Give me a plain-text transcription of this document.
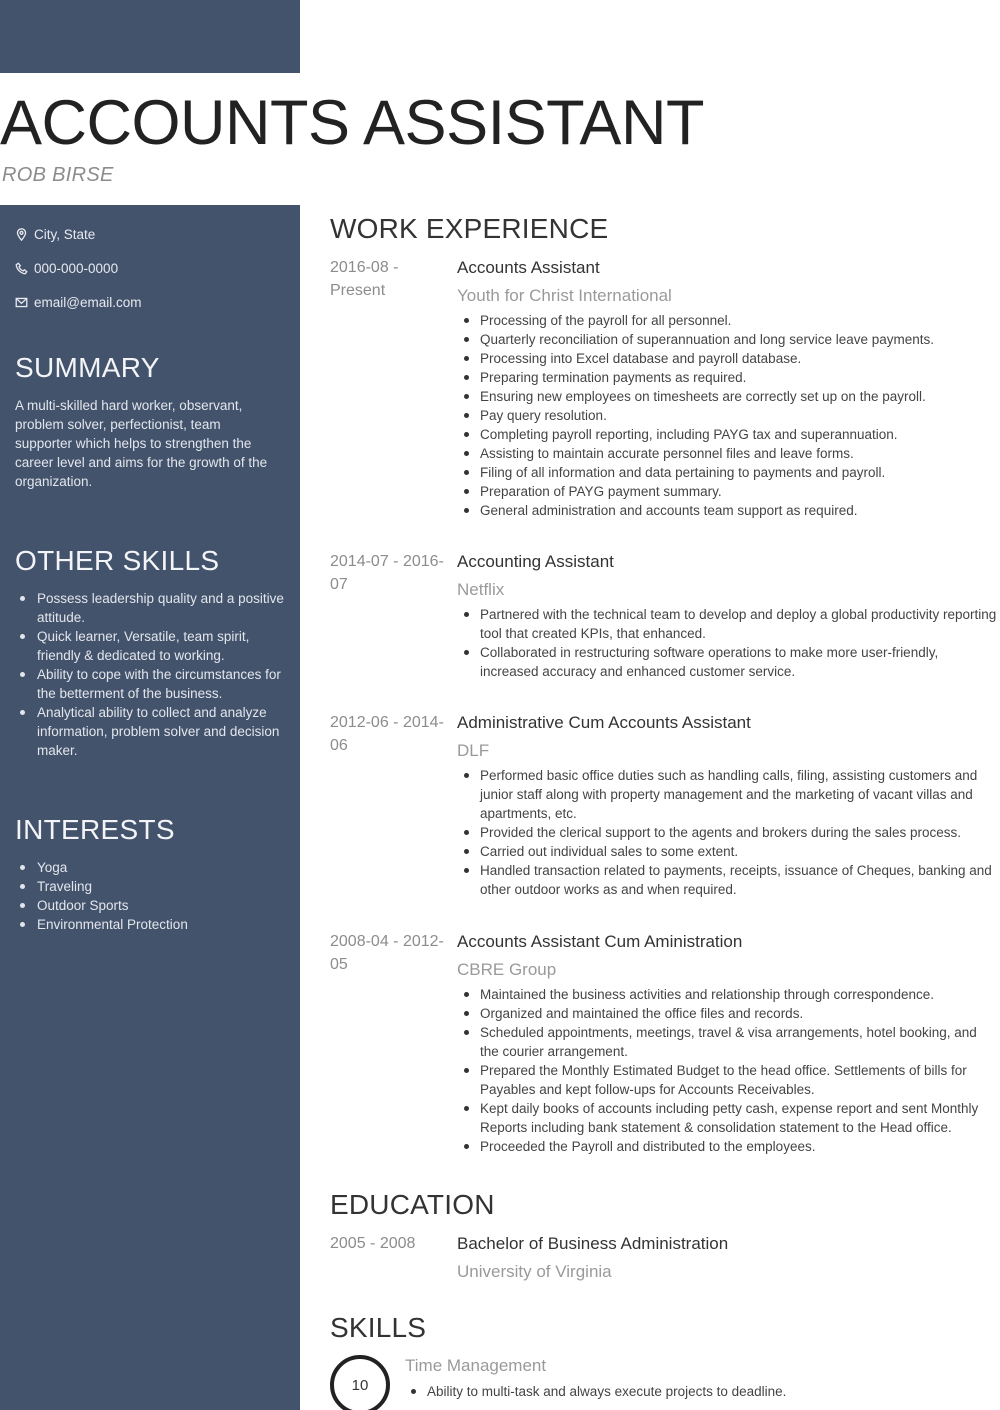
ACCOUNTS ASSISTANT
ROB BIRSE
City, State
000-000-0000
email@email.com
SUMMARY

A multi-skilled hard worker, observant, problem solver, perfectionist, team supporter which helps to strengthen the career level and aims for the growth of the organization.

OTHER SKILLS
Possess leadership quality and a positive attitude.
Quick learner, Versatile, team spirit, friendly & dedicated to working.
Ability to cope with the circumstances for the betterment of the business.
Analytical ability to collect and analyze information, problem solver and decision maker.
INTERESTS
Yoga
Traveling
Outdoor Sports
Environmental Protection
WORK EXPERIENCE
2016-08 - Present
Accounts Assistant
Youth for Christ International
Processing of the payroll for all personnel.
Quarterly reconciliation of superannuation and long service leave payments.
Processing into Excel database and payroll database.
Preparing termination payments as required.
Ensuring new employees on timesheets are correctly set up on the payroll.
Pay query resolution.
Completing payroll reporting, including PAYG tax and superannuation.
Assisting to maintain accurate personnel files and leave forms.
Filing of all information and data pertaining to payments and payroll.
Preparation of PAYG payment summary.
General administration and accounts team support as required.
2014-07 - 2016-07
Accounting Assistant
Netflix
Partnered with the technical team to develop and deploy a global productivity reporting tool that created KPIs, that enhanced.
Collaborated in restructuring software operations to make more user-friendly, increased accuracy and enhanced customer service.
2012-06 - 2014-06
Administrative Cum Accounts Assistant
DLF
Performed basic office duties such as handling calls, filing, assisting customers and junior staff along with property management and the marketing of vacant villas and apartments, etc.
Provided the clerical support to the agents and brokers during the sales process.
Carried out individual sales to some extent.
Handled transaction related to payments, receipts, issuance of Cheques, banking and other outdoor works as and when required.
2008-04 - 2012-05
Accounts Assistant Cum Aministration
CBRE Group
Maintained the business activities and relationship through correspondence.
Organized and maintained the office files and records.
Scheduled appointments, meetings, travel & visa arrangements, hotel booking, and the courier arrangement.
Prepared the Monthly Estimated Budget to the head office. Settlements of bills for Payables and kept follow-ups for Accounts Receivables.
Kept daily books of accounts including petty cash, expense report and sent Monthly Reports including bank statement & consolidation statement to the Head office.
Proceeded the Payroll and distributed to the employees.
EDUCATION
2005 - 2008	Bachelor of Business Administration
University of Virginia
SKILLS
10
Time Management
Ability to multi-task and always execute projects to deadline.
